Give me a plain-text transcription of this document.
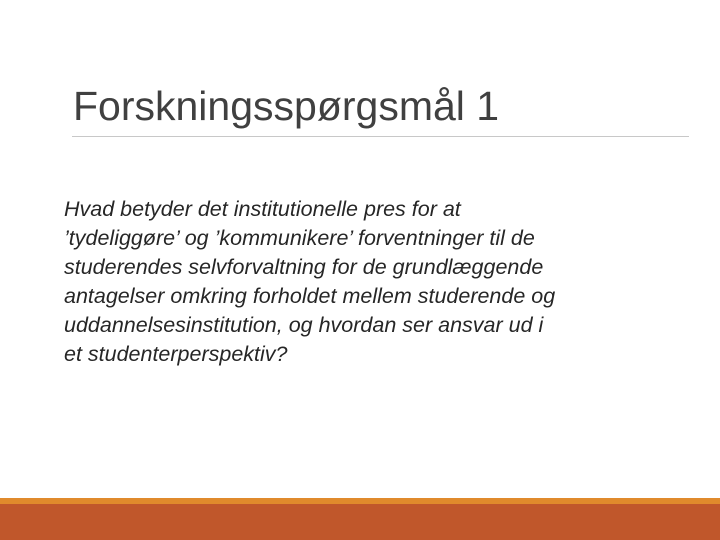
Forskningsspørgsmål 1

Hvad betyder det institutionelle pres for at
’tydeliggøre’ og ’kommunikere’ forventninger til de
studerendes selvforvaltning for de grundlæggende
antagelser omkring forholdet mellem studerende og
uddannelsesinstitution, og hvordan ser ansvar ud i
et studenterperspektiv?
